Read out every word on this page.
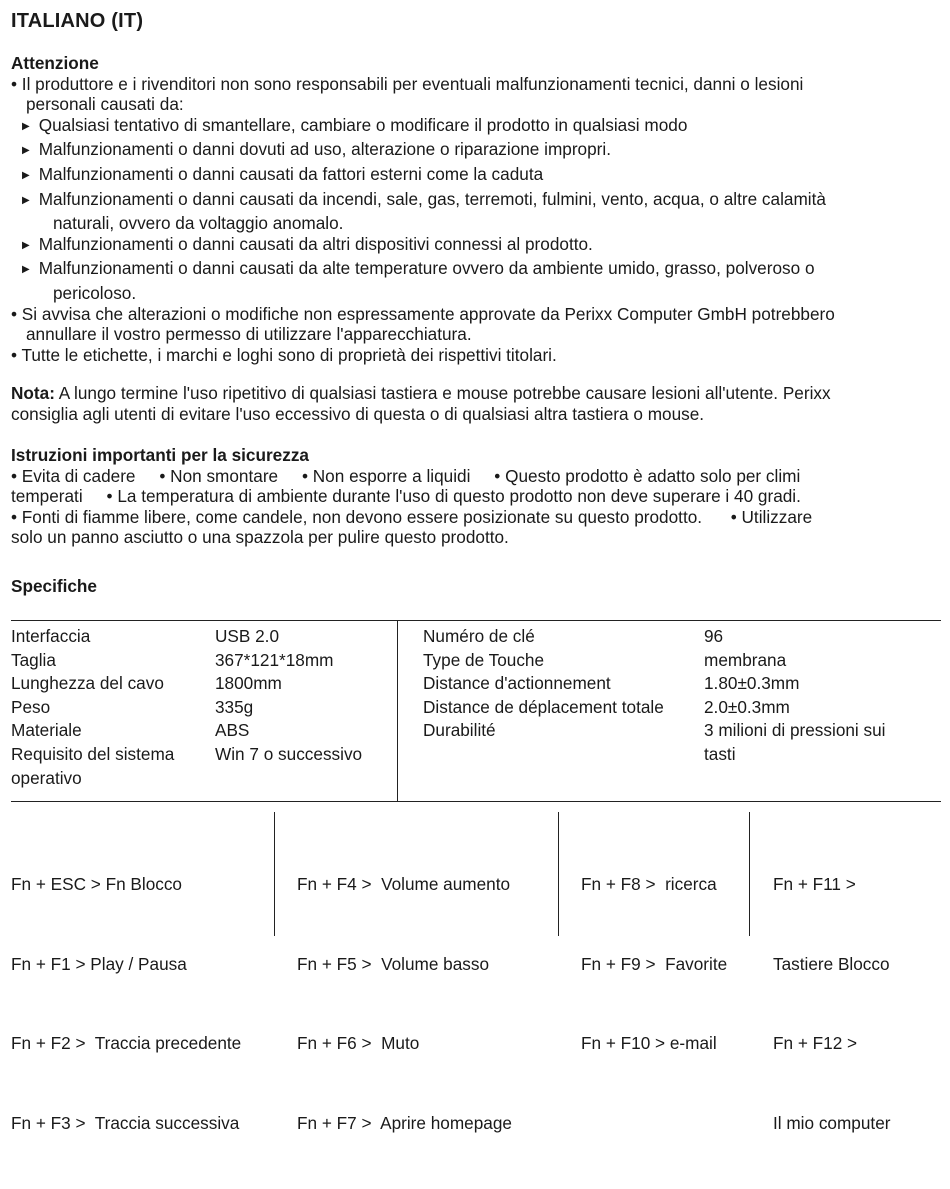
ITALIANO (IT)
Attenzione
• Il produttore e i rivenditori non sono responsabili per eventuali malfunzionamenti tecnici, danni o lesioni
personali causati da:
▶ Qualsiasi tentativo di smantellare, cambiare o modificare il prodotto in qualsiasi modo
▶ Malfunzionamenti o danni dovuti ad uso, alterazione o riparazione impropri.
▶ Malfunzionamenti o danni causati da fattori esterni come la caduta
▶ Malfunzionamenti o danni causati da incendi, sale, gas, terremoti, fulmini, vento, acqua, o altre calamità
naturali, ovvero da voltaggio anomalo.
▶ Malfunzionamenti o danni causati da altri dispositivi connessi al prodotto.
▶ Malfunzionamenti o danni causati da alte temperature ovvero da ambiente umido, grasso, polveroso o
pericoloso.
• Si avvisa che alterazioni o modifiche non espressamente approvate da Perixx Computer GmbH potrebbero
annullare il vostro permesso di utilizzare l'apparecchiatura.
• Tutte le etichette, i marchi e loghi sono di proprietà dei rispettivi titolari.
Nota: A lungo termine l'uso ripetitivo di qualsiasi tastiera e mouse potrebbe causare lesioni all'utente. Perixx
consiglia agli utenti di evitare l'uso eccessivo di questa o di qualsiasi altra tastiera o mouse.
Istruzioni importanti per la sicurezza
• Evita di cadere     • Non smontare     • Non esporre a liquidi     • Questo prodotto è adatto solo per climi
temperati     • La temperatura di ambiente durante l'uso di questo prodotto non deve superare i 40 gradi.
• Fonti di fiamme libere, come candele, non devono essere posizionate su questo prodotto.      • Utilizzare
solo un panno asciutto o una spazzola per pulire questo prodotto.
Specifiche
Interfaccia
Taglia
Lunghezza del cavo
Peso
Materiale
Requisito del sistema
operativo
USB 2.0
367*121*18mm
1800mm
335g
ABS
Win 7 o successivo
Numéro de clé
Type de Touche
Distance d'actionnement
Distance de déplacement totale
Durabilité
96
membrana
1.80±0.3mm
2.0±0.3mm
3 milioni di pressioni sui
tasti

Fn + ESC > Fn Blocco

Fn + F1 > Play / Pausa

Fn + F2 >  Traccia precedente

Fn + F3 >  Traccia successiva

Fn + F4 >  Volume aumento

Fn + F5 >  Volume basso

Fn + F6 >  Muto

Fn + F7 >  Aprire homepage

Fn + F8 >  ricerca

Fn + F9 >  Favorite

Fn + F10 > e-mail

Fn + F11 >

Tastiere Blocco

Fn + F12 >

Il mio computer
